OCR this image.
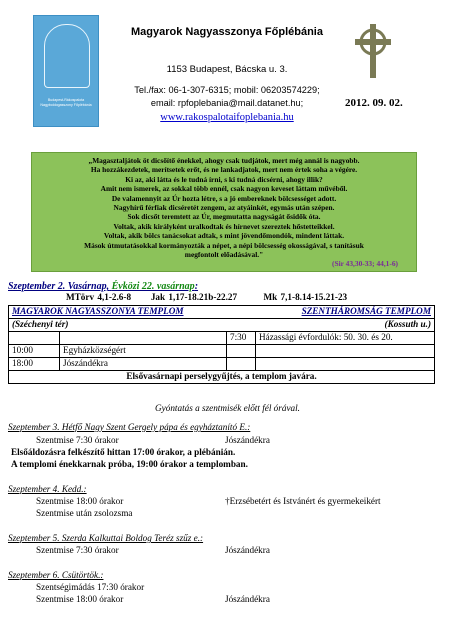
Budapest-Rákospalota Nagyboldogasszony Főplébánia
Magyarok Nagyasszonya Főplébánia
1153 Budapest, Bácska u. 3.
Tel./fax: 06-1-307-6315; mobil: 06203574229;
email: rpfoplebania@mail.datanet.hu;
www.rakospalotaifoplebania.hu
2012. 09. 02.
„Magasztaljátok öt dicsőítő énekkel, ahogy csak tudjátok, mert még annál is nagyobb.
Ha hozzákezdetek, merítsetek erőt, és ne lankadjatok, mert nem értek soha a végére.
Ki az, aki látta és le tudná írni, s ki tudná dicsérni, ahogy illik?
Amit nem ismerek, az sokkal több ennél, csak nagyon keveset láttam művéből.
De valamennyit az Úr hozta létre, s a jó embereknek bölcsességet adott.
Nagyhírű férfiak dicséretét zengem, az atyáinkét, egymás után szépen.
Sok dicsőt teremtett az Úr, megmutatta nagyságát ősidők óta.
Voltak, akik királyként uralkodtak és hírnevet szereztek hőstetteikkel.
Voltak, akik bölcs tanácsokat adtak, s mint jövendőmondók, mindent láttak.
Mások útmutatásokkal kormányozták a népet, a népi bölcsesség okosságával, s tanításuk
megfontolt előadásával."
(Sir 43,30-33; 44,1-6)
Szeptember 2. Vasárnap, Évközi 22. vasárnap:
MTörv 4,1-2.6-8 Jak 1,17-18.21b-22.27	Mk 7,1-8.14-15.21-23
MAGYAROK NAGYASSZONYA TEMPLOM		SZENTHÁROMSÁG TEMPLOM	
(Széchenyi tér)		(Kossuth u.)	
		7:30	Házassági évfordulók: 50. 30. és 20.
10:00	Egyházközségért		
18:00	Jószándékra		
Elsővasárnapi perselygyűjtés, a templom javára.			
Gyóntatás a szentmisék előtt fél órával.
Szeptember 3. Hétfő Nagy Szent Gergely pápa és egyháztanító E.:
Szentmise 7:30 órakor	Jószándékra
Elsőáldozásra felkészítő hittan 17:00 órakor, a plébánián.
A templomi énekkarnak próba, 19:00 órakor a templomban.
Szeptember 4. Kedd.:
Szentmise 18:00 órakor	†Erzsébetért és Istvánért és gyermekeikért
Szentmise után zsolozsma
Szeptember 5. Szerda Kalkuttai Boldog Teréz szűz e.:
Szentmise 7:30 órakor	Jószándékra
Szeptember 6. Csütörtök.:
Szentségimádás 17:30 órakor
Szentmise 18:00 órakor	Jószándékra
